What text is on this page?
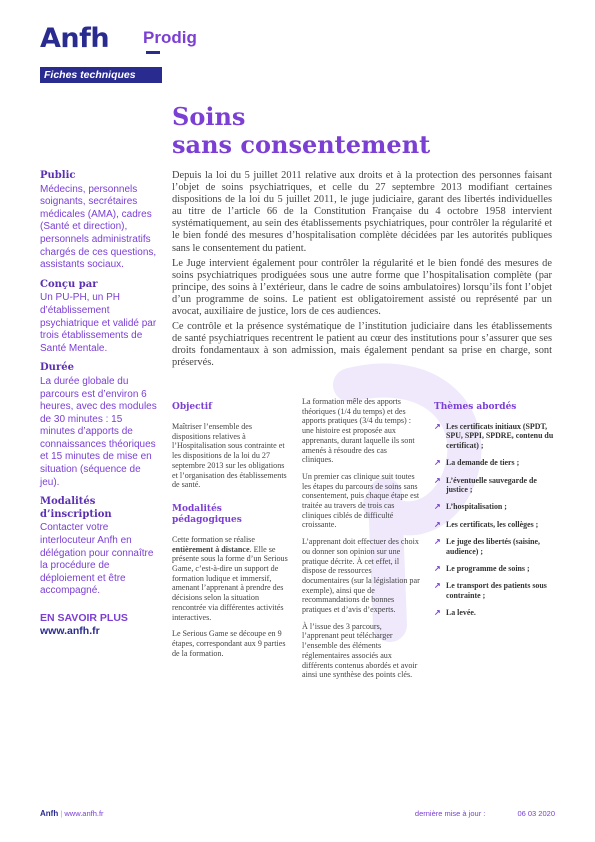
Anfh Prodig
Fiches techniques
Soins
sans consentement
Public
Médecins, personnels soignants, secrétaires médicales (AMA), cadres (Santé et direction), personnels administratifs chargés de ces questions, assistants sociaux.
Conçu par
Un PU-PH, un PH d’établissement psychiatrique et validé par trois établissements de Santé Mentale.
Durée
La durée globale du parcours est d’environ 6 heures, avec des modules de 30 minutes : 15 minutes d’apports de connaissances théoriques et 15 minutes de mise en situation (séquence de jeu).
Modalités d’inscription
Contacter votre interlocuteur Anfh en délégation pour connaître la procédure de déploiement et être accompagné.
EN SAVOIR PLUS
www.anfh.fr

Depuis la loi du 5 juillet 2011 relative aux droits et à la protection des personnes faisant l’objet de soins psychiatriques, et celle du 27 septembre 2013 modifiant certaines dispositions de la loi du 5 juillet 2011, le juge judiciaire, garant des libertés individuelles au titre de l’article 66 de la Constitution Française du 4 octobre 1958 intervient systématiquement, au sein des établissements psychiatriques, pour contrôler la régularité et le bien fondé des mesures d’hospitalisation complète décidées par les autorités publiques sans le consentement du patient.

Le Juge intervient également pour contrôler la régularité et le bien fondé des mesures de soins psychiatriques prodiguées sous une autre forme que l’hospitalisation complète (par principe, des soins à l’extérieur, dans le cadre de soins ambulatoires) lorsqu’ils font l’objet d’un programme de soins. Le patient est obligatoirement assisté ou représenté par un avocat, auxiliaire de justice, lors de ces audiences.

Ce contrôle et la présence systématique de l’institution judiciaire dans les établissements de santé psychiatriques recentrent le patient au cœur des institutions pour s’assurer que ses droits fondamentaux à son admission, mais également pendant sa prise en charge, sont préservés.

Objectif

Maîtriser l’ensemble des dispositions relatives à l’Hospitalisation sous contrainte et les dispositions de la loi du 27 septembre 2013 sur les obligations et l’organisation des établissements de santé.

Modalités
pédagogiques

Cette formation se réalise entièrement à distance. Elle se présente sous la forme d’un Serious Game, c’est-à-dire un support de formation ludique et immersif, amenant l’apprenant à prendre des décisions selon la situation rencontrée via différentes activités interactives.

Le Serious Game se découpe en 9 étapes, correspondant aux 9 parties de la formation.

La formation mêle des apports théoriques (1/4 du temps) et des apports pratiques (3/4 du temps) : une histoire est proposée aux apprenants, durant laquelle ils sont amenés à résoudre des cas cliniques.

Un premier cas clinique suit toutes les étapes du parcours de soins sans consentement, puis chaque étape est traitée au travers de trois cas cliniques ciblés de difficulté croissante.

L’apprenant doit effectuer des choix ou donner son opinion sur une pratique décrite. À cet effet, il dispose de ressources documentaires (sur la législation par exemple), ainsi que de recommandations de bonnes pratiques et d’avis d’experts.

À l’issue des 3 parcours, l’apprenant peut télécharger l’ensemble des éléments réglementaires associés aux différents contenus abordés et avoir ainsi une synthèse des points clés.

Thèmes abordés
↗ Les certificats initiaux (SPDT, SPU, SPPI, SPDRE, contenu du certificat) ;
↗ La demande de tiers ;
↗ L’éventuelle sauvegarde de justice ;
↗ L’hospitalisation ;
↗ Les certificats, les collèges ;
↗ Le juge des libertés (saisine, audience) ;
↗ Le programme de soins ;
↗ Le transport des patients sous contrainte ;
↗ La levée.
Anfh | www.anfh.fr	dernière mise à jour :	06 03 2020
